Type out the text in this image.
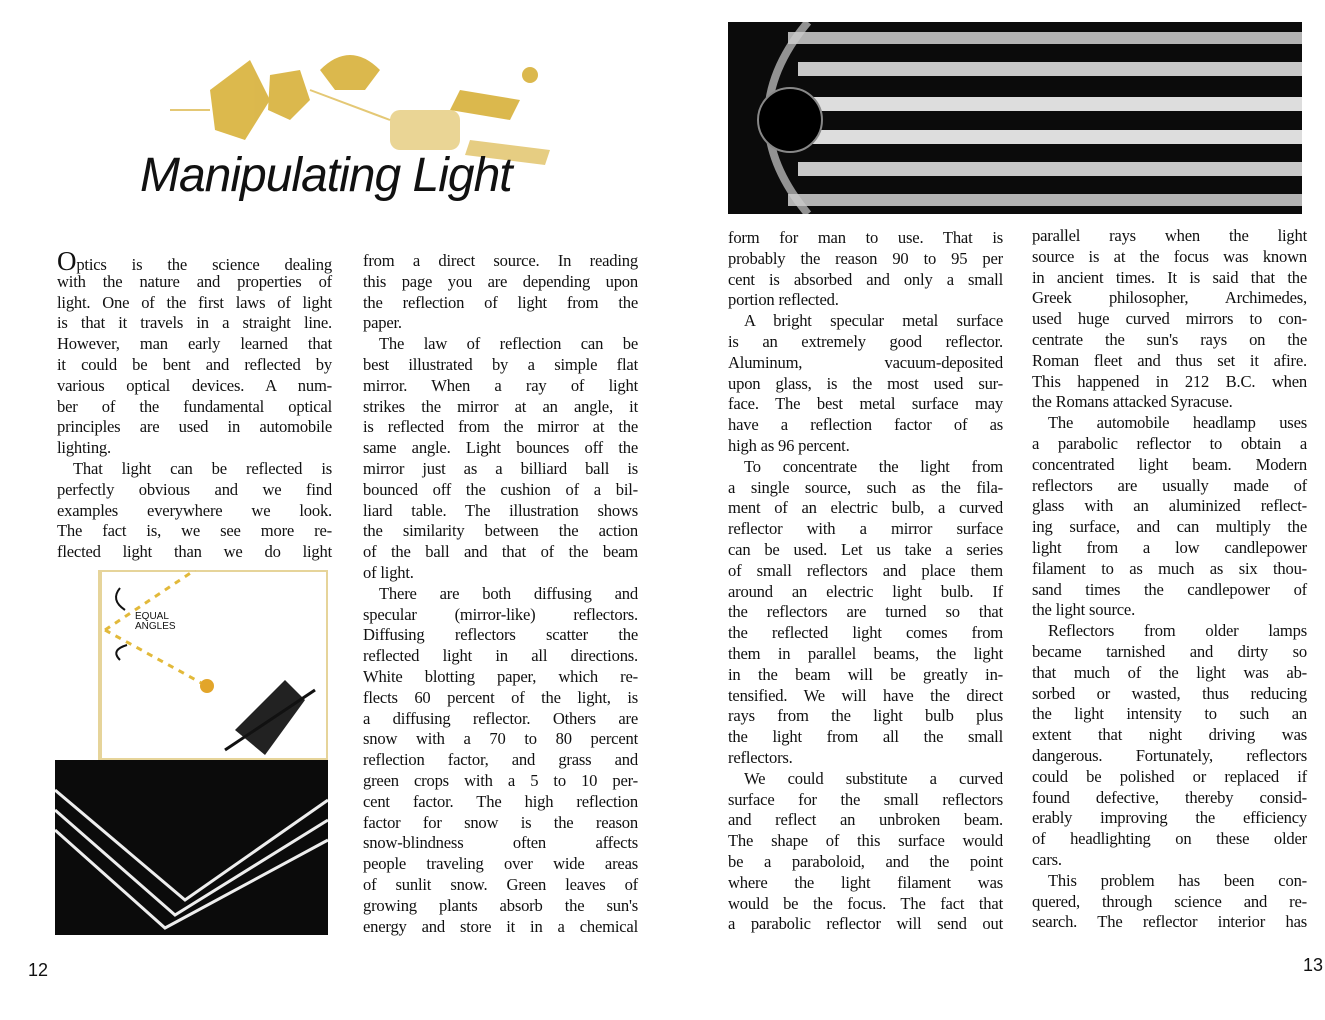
Manipulating Light
EQUAL
ANGLES
Optics is the science dealing
with the nature and properties of
light. One of the first laws of light
is that it travels in a straight line.
However, man early learned that
it could be bent and reflected by
various optical devices. A num-
ber of the fundamental optical
principles are used in automobile
lighting.
That light can be reflected is
perfectly obvious and we find
examples everywhere we look.
The fact is, we see more re-
flected light than we do light
from a direct source. In reading
this page you are depending upon
the reflection of light from the
paper.
The law of reflection can be
best illustrated by a simple flat
mirror. When a ray of light
strikes the mirror at an angle, it
is reflected from the mirror at the
same angle. Light bounces off the
mirror just as a billiard ball is
bounced off the cushion of a bil-
liard table. The illustration shows
the similarity between the action
of the ball and that of the beam
of light.
There are both diffusing and
specular (mirror-like) reflectors.
Diffusing reflectors scatter the
reflected light in all directions.
White blotting paper, which re-
flects 60 percent of the light, is
a diffusing reflector. Others are
snow with a 70 to 80 percent
reflection factor, and grass and
green crops with a 5 to 10 per-
cent factor. The high reflection
factor for snow is the reason
snow-blindness often affects
people traveling over wide areas
of sunlit snow. Green leaves of
growing plants absorb the sun's
energy and store it in a chemical
form for man to use. That is
probably the reason 90 to 95 per
cent is absorbed and only a small
portion reflected.
A bright specular metal surface
is an extremely good reflector.
Aluminum, vacuum-deposited
upon glass, is the most used sur-
face. The best metal surface may
have a reflection factor of as
high as 96 percent.
To concentrate the light from
a single source, such as the fila-
ment of an electric bulb, a curved
reflector with a mirror surface
can be used. Let us take a series
of small reflectors and place them
around an electric light bulb. If
the reflectors are turned so that
the reflected light comes from
them in parallel beams, the light
in the beam will be greatly in-
tensified. We will have the direct
rays from the light bulb plus
the light from all the small
reflectors.
We could substitute a curved
surface for the small reflectors
and reflect an unbroken beam.
The shape of this surface would
be a paraboloid, and the point
where the light filament was
would be the focus. The fact that
a parabolic reflector will send out
parallel rays when the light
source is at the focus was known
in ancient times. It is said that the
Greek philosopher, Archimedes,
used huge curved mirrors to con-
centrate the sun's rays on the
Roman fleet and thus set it afire.
This happened in 212 B.C. when
the Romans attacked Syracuse.
The automobile headlamp uses
a parabolic reflector to obtain a
concentrated light beam. Modern
reflectors are usually made of
glass with an aluminized reflect-
ing surface, and can multiply the
light from a low candlepower
filament to as much as six thou-
sand times the candlepower of
the light source.
Reflectors from older lamps
became tarnished and dirty so
that much of the light was ab-
sorbed or wasted, thus reducing
the light intensity to such an
extent that night driving was
dangerous. Fortunately, reflectors
could be polished or replaced if
found defective, thereby consid-
erably improving the efficiency
of headlighting on these older
cars.
This problem has been con-
quered, through science and re-
search. The reflector interior has
12	13
